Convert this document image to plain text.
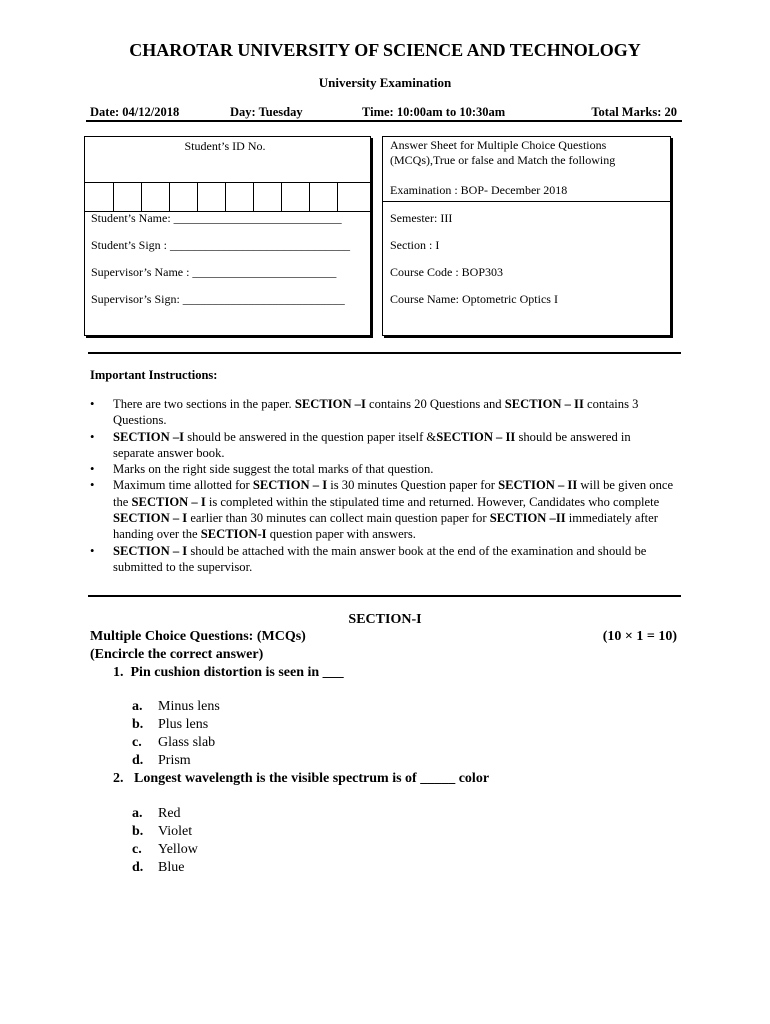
CHAROTAR UNIVERSITY OF SCIENCE AND TECHNOLOGY
University Examination
Date: 04/12/2018	Day: Tuesday	Time: 10:00am to 10:30am	Total Marks: 20
Student’s ID No.
Student’s Name: ____________________________
Student’s Sign : ______________________________
Supervisor’s Name : ________________________
Supervisor’s Sign: ___________________________
Answer Sheet for Multiple Choice Questions
(MCQs),True or false and Match the following
Examination : BOP- December 2018
Semester: III
Section : I
Course Code : BOP303
Course Name: Optometric Optics I
Important Instructions:
• There are two sections in the paper. SECTION –I contains 20 Questions and SECTION – II contains 3 Questions.
• SECTION –I should be answered in the question paper itself &SECTION – II should be answered in separate answer book.
• Marks on the right side suggest the total marks of that question.
• Maximum time allotted for SECTION – I is 30 minutes Question paper for SECTION – II will be given once the SECTION – I is completed within the stipulated time and returned. However, Candidates who complete SECTION – I earlier than 30 minutes can collect main question paper for SECTION –II immediately after handing over the SECTION-I question paper with answers.
• SECTION – I should be attached with the main answer book at the end of the examination and should be submitted to the supervisor.
SECTION-I
Multiple Choice Questions: (MCQs)	(10 × 1 = 10)
(Encircle the correct answer)
1. Pin cushion distortion is seen in ___
a. Minus lens
b. Plus lens
c. Glass slab
d. Prism
2. Longest wavelength is the visible spectrum is of _____ color
a. Red
b. Violet
c. Yellow
d. Blue
